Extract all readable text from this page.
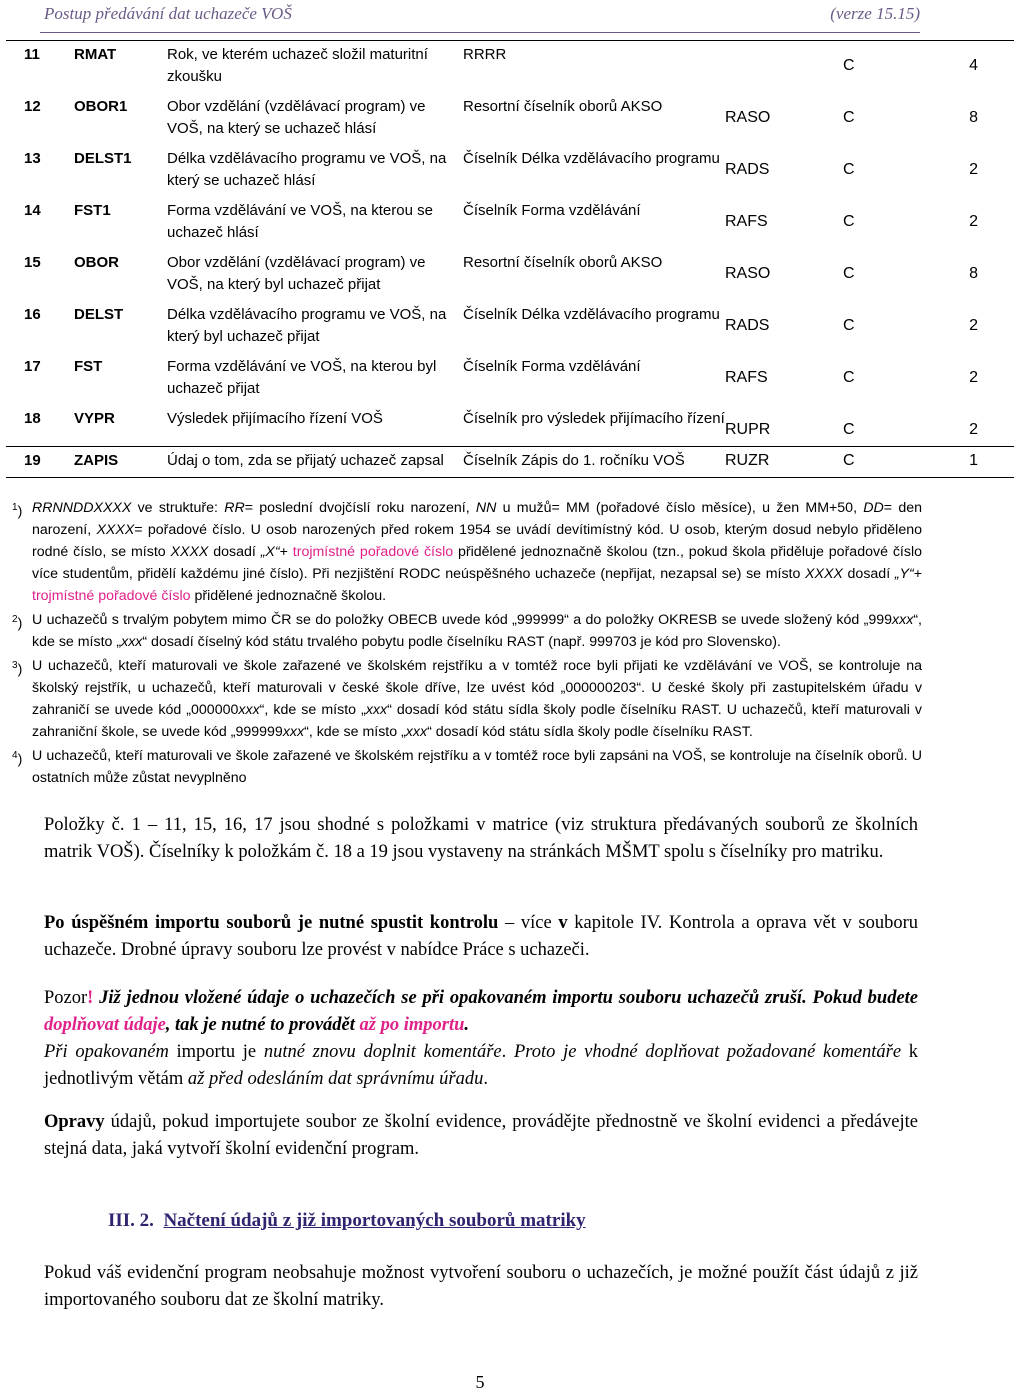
Postup předávání dat uchazeče VOŠ	(verze 15.15)
11	RMAT	Rok, ve kterém uchazeč složil maturitní zkoušku	RRRR		C	4
12	OBOR1	Obor vzdělání (vzdělávací program) ve VOŠ, na který se uchazeč hlásí	Resortní číselník oborů AKSO	RASO	C	8
13	DELST1	Délka vzdělávacího programu ve VOŠ, na který se uchazeč hlásí	Číselník Délka vzdělávacího programu	RADS	C	2
14	FST1	Forma vzdělávání ve VOŠ, na kterou se uchazeč hlásí	Číselník Forma vzdělávání	RAFS	C	2
15	OBOR	Obor vzdělání (vzdělávací program) ve VOŠ, na který byl uchazeč přijat	Resortní číselník oborů AKSO	RASO	C	8
16	DELST	Délka vzdělávacího programu ve VOŠ, na který byl uchazeč přijat	Číselník Délka vzdělávacího programu	RADS	C	2
17	FST	Forma vzdělávání ve VOŠ, na kterou byl uchazeč přijat	Číselník Forma vzdělávání	RAFS	C	2
18	VYPR	Výsledek přijímacího řízení VOŠ	Číselník pro výsledek přijímacího řízení	RUPR	C	2
19	ZAPIS	Údaj o tom, zda se přijatý uchazeč zapsal	Číselník Zápis do 1. ročníku VOŠ	RUZR	C	1
$^1$) RRNNDDXXXX ve struktuře: RR= poslední dvojčíslí roku narození, NN u mužů= MM (pořadové číslo měsíce), u žen MM+50, DD= den narození, XXXX= pořadové číslo. U osob narozených před rokem 1954 se uvádí devítimístný kód. U osob, kterým dosud nebylo přiděleno rodné číslo, se místo XXXX dosadí „X“+ trojmístné pořadové číslo přidělené jednoznačně školou (tzn., pokud škola přiděluje pořadové číslo více studentům, přidělí každému jiné číslo). Při nezjištění RODC neúspěšného uchazeče (nepřijat, nezapsal se) se místo XXXX dosadí „Y“+ trojmístné pořadové číslo přidělené jednoznačně školou.
$^2$) U uchazečů s trvalým pobytem mimo ČR se do položky OBECB uvede kód „999999“ a do položky OKRESB se uvede složený kód „999xxx“, kde se místo „xxx“ dosadí číselný kód státu trvalého pobytu podle číselníku RAST (např. 999703 je kód pro Slovensko).
$^3$) U uchazečů, kteří maturovali ve škole zařazené ve školském rejstříku a v tomtéž roce byli přijati ke vzdělávání ve VOŠ, se kontroluje na školský rejstřík, u uchazečů, kteří maturovali v české škole dříve, lze uvést kód „000000203“. U české školy při zastupitelském úřadu v zahraničí se uvede kód „000000xxx“, kde se místo „xxx“ dosadí kód státu sídla školy podle číselníku RAST. U uchazečů, kteří maturovali v zahraniční škole, se uvede kód „999999xxx“, kde se místo „xxx“ dosadí kód státu sídla školy podle číselníku RAST.
$^4$) U uchazečů, kteří maturovali ve škole zařazené ve školském rejstříku a v tomtéž roce byli zapsáni na VOŠ, se kontroluje na číselník oborů. U ostatních může zůstat nevyplněno
Položky č. 1 – 11, 15, 16, 17 jsou shodné s položkami v matrice (viz struktura předávaných souborů ze školních matrik VOŠ). Číselníky k položkám č. 18 a 19 jsou vystaveny na stránkách MŠMT spolu s číselníky pro matriku.
Po úspěšném importu souborů je nutné spustit kontrolu – více v kapitole IV. Kontrola a oprava vět v souboru uchazeče. Drobné úpravy souboru lze provést v nabídce Práce s uchazeči.
Pozor! Již jednou vložené údaje o uchazečích se při opakovaném importu souboru uchazečů zruší. Pokud budete doplňovat údaje, tak je nutné to provádět až po importu.
Při opakovaném importu je nutné znovu doplnit komentáře. Proto je vhodné doplňovat požadované komentáře k jednotlivým větám až před odesláním dat správnímu úřadu.
Opravy údajů, pokud importujete soubor ze školní evidence, provádějte přednostně ve školní evidenci a předávejte stejná data, jaká vytvoří školní evidenční program.
III. 2. Načtení údajů z již importovaných souborů matriky
Pokud váš evidenční program neobsahuje možnost vytvoření souboru o uchazečích, je možné použít část údajů z již importovaného souboru dat ze školní matriky.
5
